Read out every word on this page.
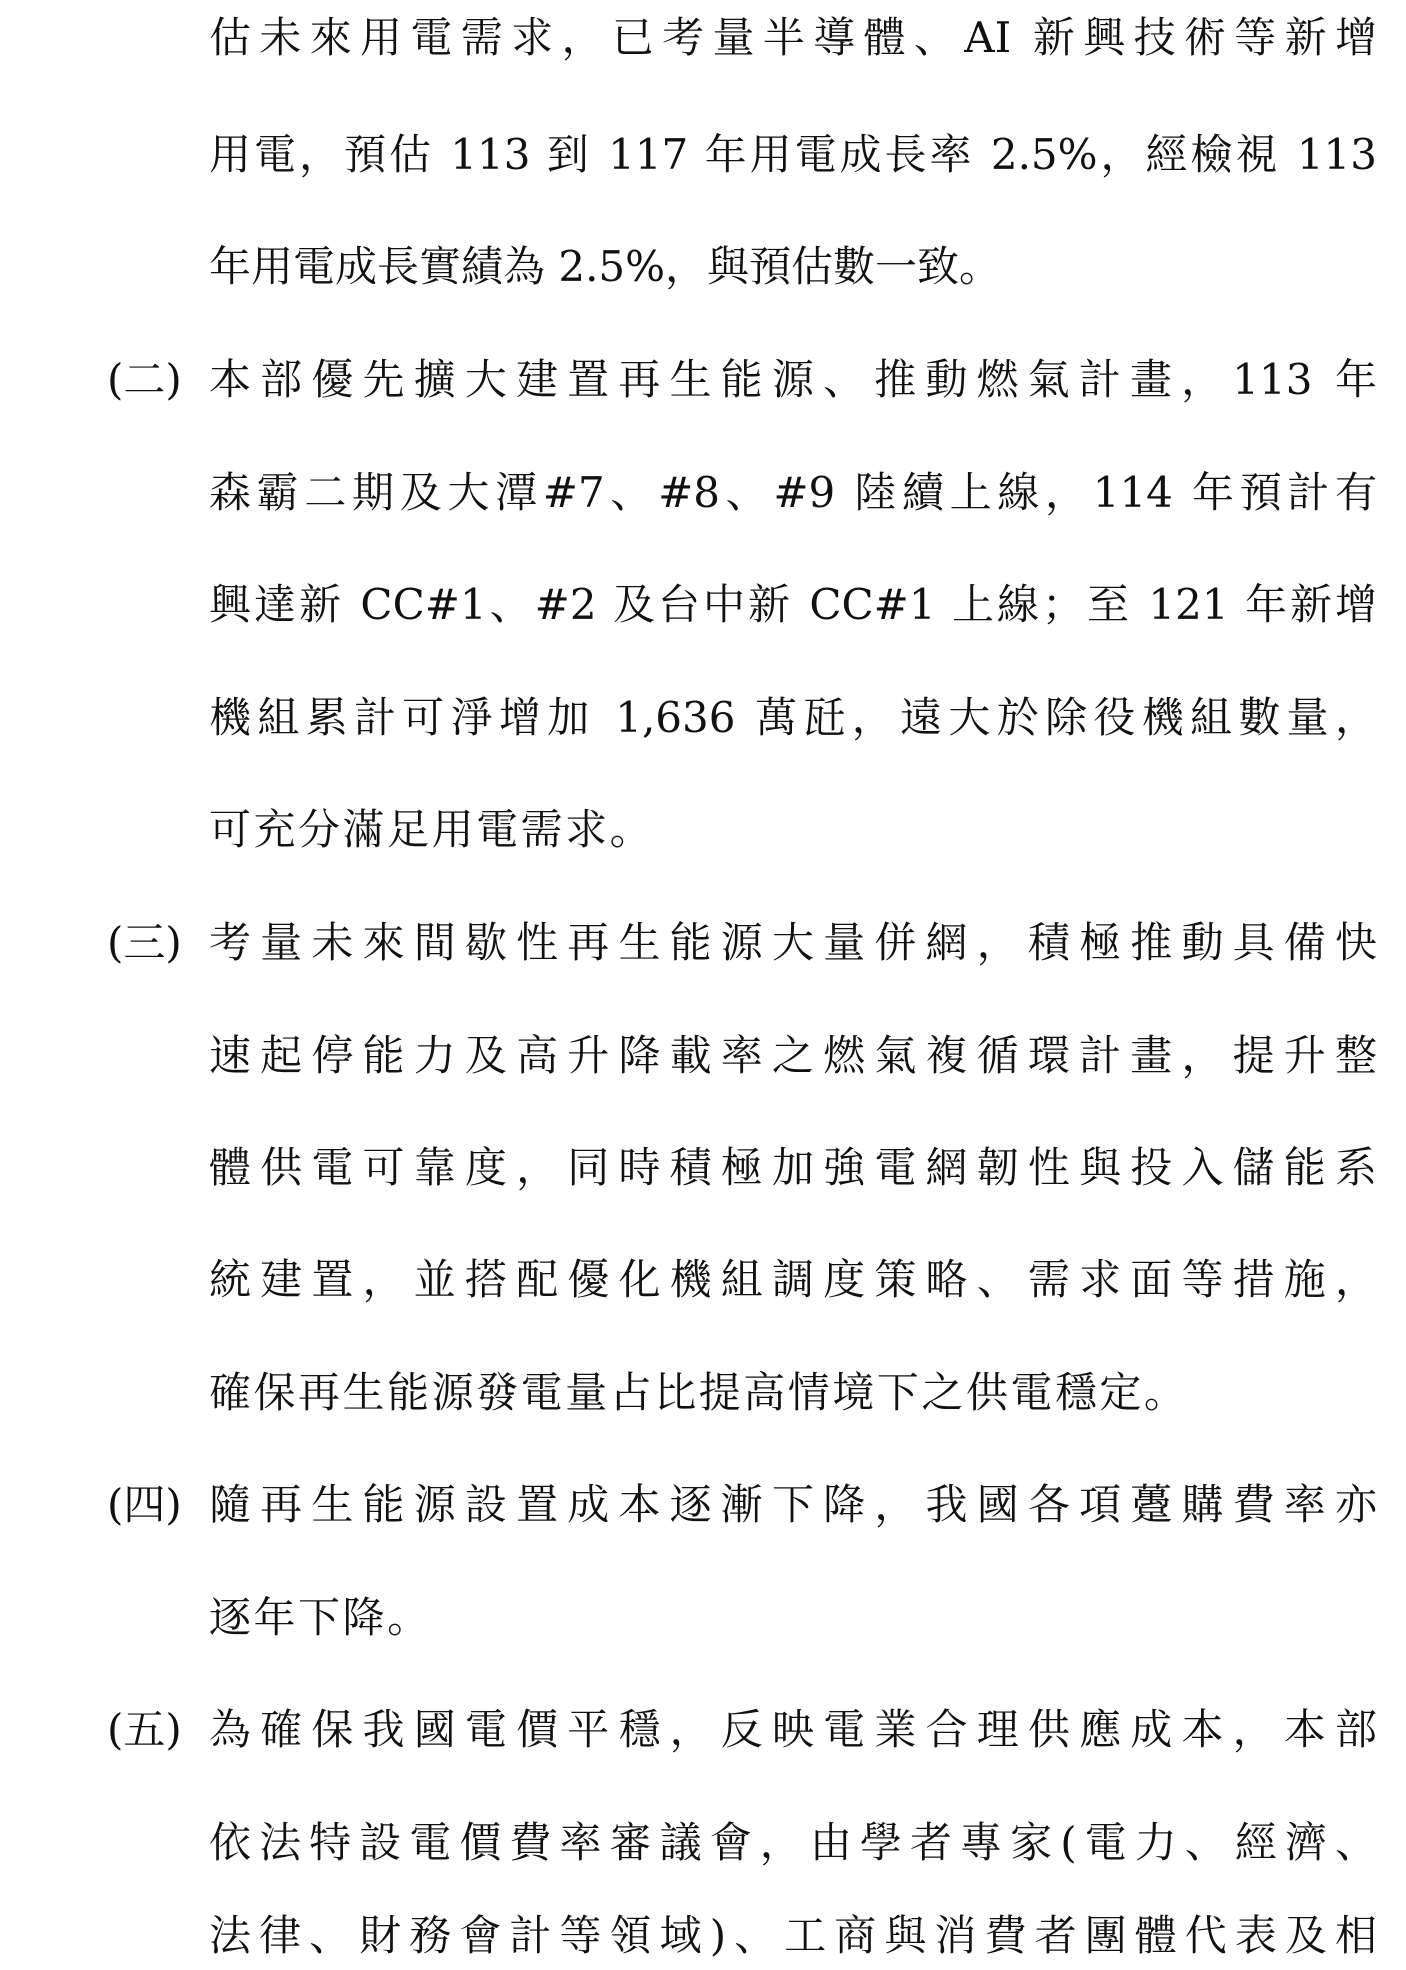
估未來用電需求，已考量半導體、AI 新興技術等新增
用電，預估 113 到 117 年用電成長率 2.5%，經檢視 113
年用電成長實績為 2.5%，與預估數一致。
(二) 本部優先擴大建置再生能源、推動燃氣計畫，113 年
森霸二期及大潭#7、#8、#9 陸續上線，114 年預計有
興達新 CC#1、#2 及台中新 CC#1 上線；至 121 年新增
機組累計可淨增加 1,636 萬瓩，遠大於除役機組數量，
可充分滿足用電需求。
(三) 考量未來間歇性再生能源大量併網，積極推動具備快
速起停能力及高升降載率之燃氣複循環計畫，提升整
體供電可靠度，同時積極加強電網韌性與投入儲能系
統建置，並搭配優化機組調度策略、需求面等措施，
確保再生能源發電量占比提高情境下之供電穩定。
(四) 隨再生能源設置成本逐漸下降，我國各項躉購費率亦
逐年下降。
(五) 為確保我國電價平穩，反映電業合理供應成本，本部
依法特設電價費率審議會，由學者專家(電力、經濟、
法律、財務會計等領域)、工商與消費者團體代表及相
